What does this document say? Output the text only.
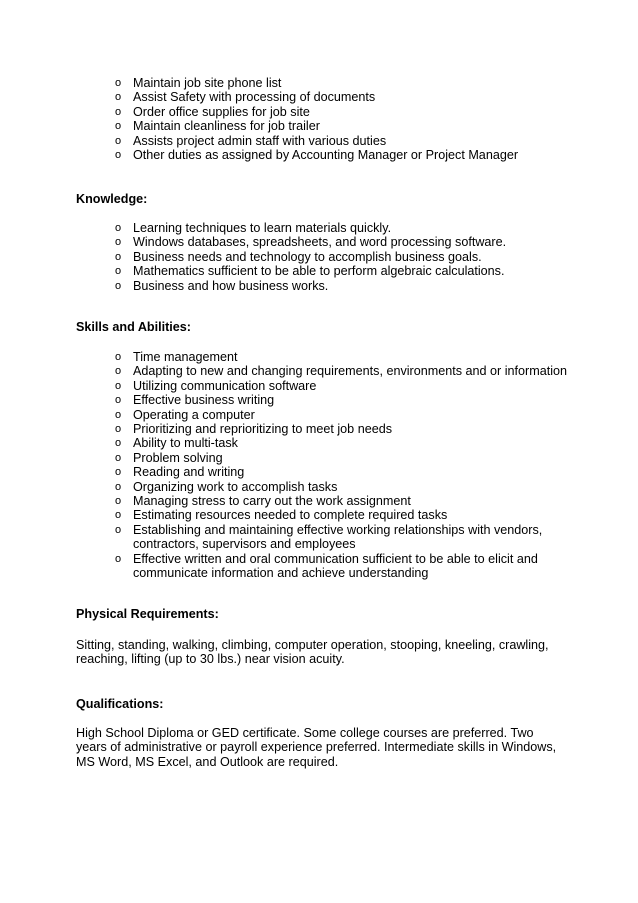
o Maintain job site phone list
o Assist Safety with processing of documents
o Order office supplies for job site
o Maintain cleanliness for job trailer
o Assists project admin staff with various duties
o Other duties as assigned by Accounting Manager or Project Manager
Knowledge:
o Learning techniques to learn materials quickly.
o Windows databases, spreadsheets, and word processing software.
o Business needs and technology to accomplish business goals.
o Mathematics sufficient to be able to perform algebraic calculations.
o Business and how business works.
Skills and Abilities:
o Time management
o Adapting to new and changing requirements, environments and or information
o Utilizing communication software
o Effective business writing
o Operating a computer
o Prioritizing and reprioritizing to meet job needs
o Ability to multi-task
o Problem solving
o Reading and writing
o Organizing work to accomplish tasks
o Managing stress to carry out the work assignment
o Estimating resources needed to complete required tasks
o Establishing and maintaining effective working relationships with vendors, contractors, supervisors and employees
o Effective written and oral communication sufficient to be able to elicit and communicate information and achieve understanding
Physical Requirements:

Sitting, standing, walking, climbing, computer operation, stooping, kneeling, crawling, reaching, lifting (up to 30 lbs.) near vision acuity.

Qualifications:

High School Diploma or GED certificate. Some college courses are preferred. Two years of administrative or payroll experience preferred. Intermediate skills in Windows, MS Word, MS Excel, and Outlook are required.
